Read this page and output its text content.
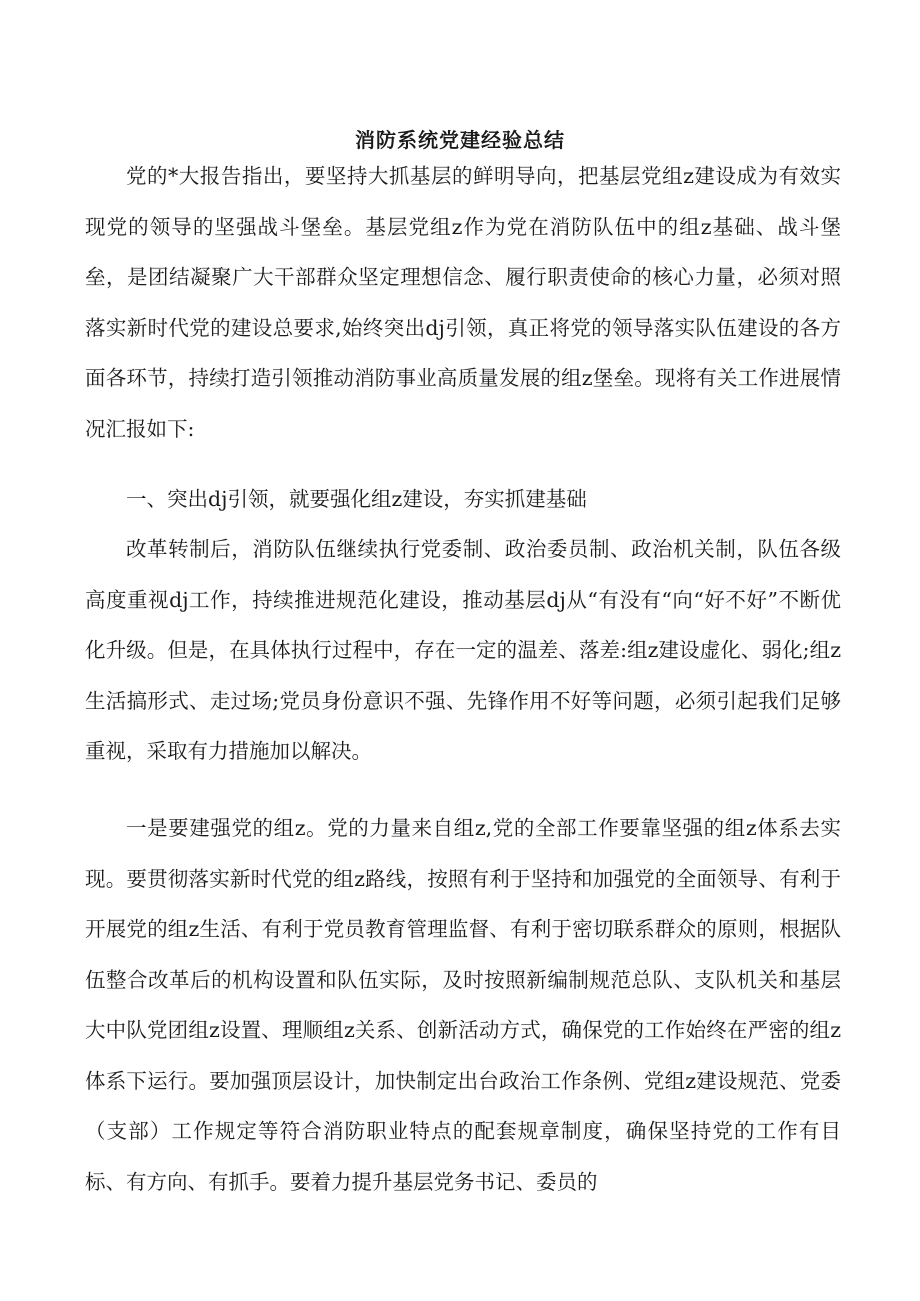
消防系统党建经验总结

党的*大报告指出，要坚持大抓基层的鲜明导向，把基层党组z建设成为有效实现党的领导的坚强战斗堡垒。基层党组z作为党在消防队伍中的组z基础、战斗堡垒，是团结凝聚广大干部群众坚定理想信念、履行职责使命的核心力量，必须对照落实新时代党的建设总要求,始终突出dj引领，真正将党的领导落实队伍建设的各方面各环节，持续打造引领推动消防事业高质量发展的组z堡垒。现将有关工作进展情况汇报如下:

一、突出dj引领，就要强化组z建设，夯实抓建基础

改革转制后，消防队伍继续执行党委制、政治委员制、政治机关制，队伍各级高度重视dj工作，持续推进规范化建设，推动基层dj从“有没有“向“好不好”不断优化升级。但是，在具体执行过程中，存在一定的温差、落差:组z建设虚化、弱化;组z生活搞形式、走过场;党员身份意识不强、先锋作用不好等问题，必须引起我们足够重视，采取有力措施加以解决。

一是要建强党的组z。党的力量来自组z,党的全部工作要靠坚强的组z体系去实现。要贯彻落实新时代党的组z路线，按照有利于坚持和加强党的全面领导、有利于开展党的组z生活、有利于党员教育管理监督、有利于密切联系群众的原则，根据队伍整合改革后的机构设置和队伍实际，及时按照新编制规范总队、支队机关和基层大中队党团组z设置、理顺组z关系、创新活动方式，确保党的工作始终在严密的组z体系下运行。要加强顶层设计，加快制定出台政治工作条例、党组z建设规范、党委（支部）工作规定等符合消防职业特点的配套规章制度，确保坚持党的工作有目标、有方向、有抓手。要着力提升基层党务书记、委员的
